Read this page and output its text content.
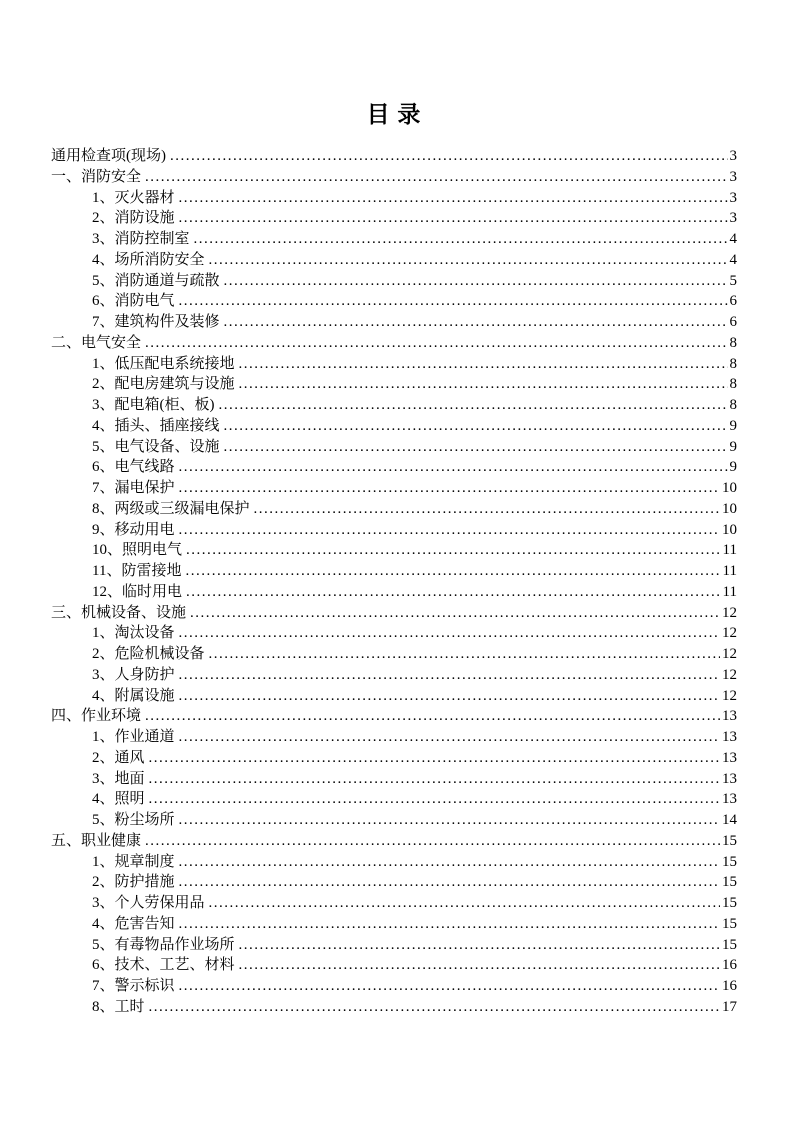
目 录
通用检查项(现场) .....	3
一、消防安全 .....	3
1、灭火器材 .....	3
2、消防设施 .....	3
3、消防控制室 .....	4
4、场所消防安全 .....	4
5、消防通道与疏散 .....	5
6、消防电气 .....	6
7、建筑构件及装修 .....	6
二、电气安全 .....	8
1、低压配电系统接地 .....	8
2、配电房建筑与设施 .....	8
3、配电箱(柜、板) .....	8
4、插头、插座接线 .....	9
5、电气设备、设施 .....	9
6、电气线路 .....	9
7、漏电保护 .....	10
8、两级或三级漏电保护 .....	10
9、移动用电 .....	10
10、照明电气 .....	11
11、防雷接地 .....	11
12、临时用电 .....	11
三、机械设备、设施 .....	12
1、淘汰设备 .....	12
2、危险机械设备 .....	12
3、人身防护 .....	12
4、附属设施 .....	12
四、作业环境 .....	13
1、作业通道 .....	13
2、通风 .....	13
3、地面 .....	13
4、照明 .....	13
5、粉尘场所 .....	14
五、职业健康 .....	15
1、规章制度 .....	15
2、防护措施 .....	15
3、个人劳保用品 .....	15
4、危害告知 .....	15
5、有毒物品作业场所 .....	15
6、技术、工艺、材料 .....	16
7、警示标识 .....	16
8、工时 .....	17
